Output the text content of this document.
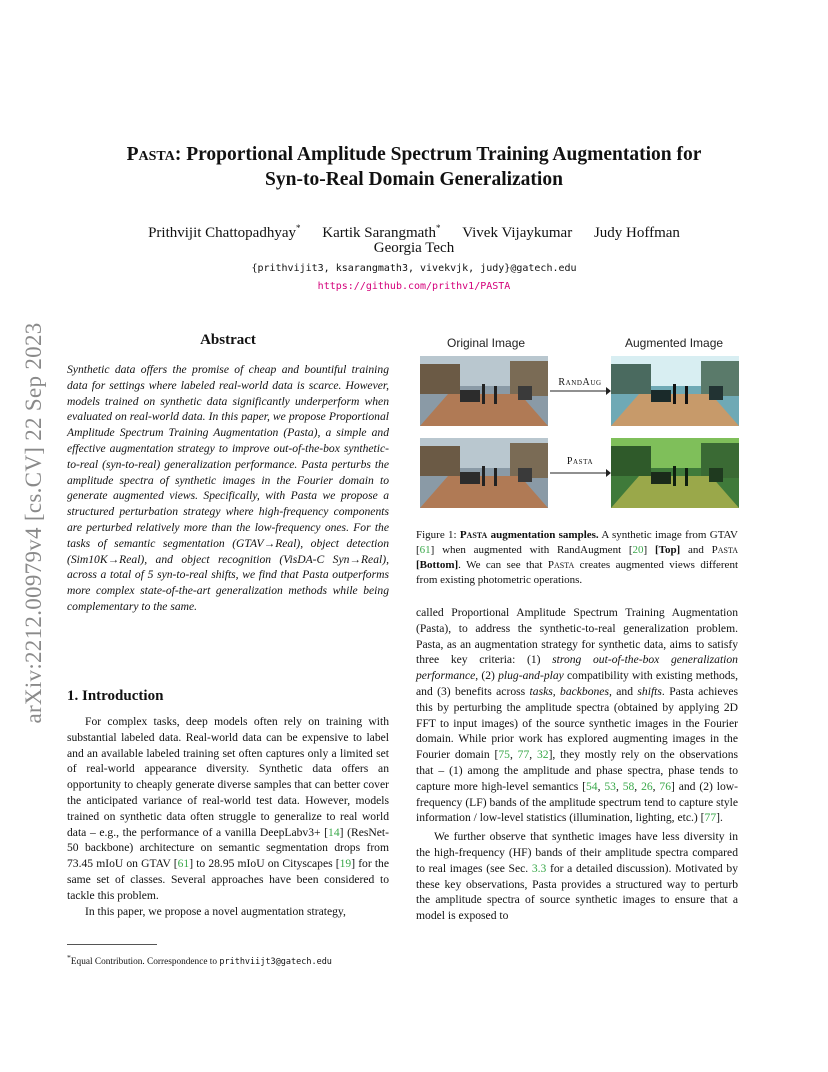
arXiv:2212.00979v4 [cs.CV] 22 Sep 2023
Pasta: Proportional Amplitude Spectrum Training Augmentation for
Syn-to-Real Domain Generalization
Prithvijit Chattopadhyay* Kartik Sarangmath* Vivek Vijaykumar Judy Hoffman
Georgia Tech
{prithvijit3, ksarangmath3, vivekvjk, judy}@gatech.edu
https://github.com/prithv1/PASTA
Abstract
Synthetic data offers the promise of cheap and bountiful training data for settings where labeled real-world data is scarce. However, models trained on synthetic data significantly underperform when evaluated on real-world data. In this paper, we propose Proportional Amplitude Spectrum Training Augmentation (Pasta), a simple and effective augmentation strategy to improve out-of-the-box synthetic-to-real (syn-to-real) generalization performance. Pasta perturbs the amplitude spectra of synthetic images in the Fourier domain to generate augmented views. Specifically, with Pasta we propose a structured perturbation strategy where high-frequency components are perturbed relatively more than the low-frequency ones. For the tasks of semantic segmentation (GTAV→Real), object detection (Sim10K→Real), and object recognition (VisDA-C Syn→Real), across a total of 5 syn-to-real shifts, we find that Pasta outperforms more complex state-of-the-art generalization methods while being complementary to the same.
1. Introduction

For complex tasks, deep models often rely on training with substantial labeled data. Real-world data can be expensive to label and an available labeled training set often captures only a limited set of real-world appearance diversity. Synthetic data offers an opportunity to cheaply generate diverse samples that can better cover the anticipated variance of real-world test data. However, models trained on synthetic data often struggle to generalize to real world data – e.g., the performance of a vanilla DeepLabv3+ [14] (ResNet-50 backbone) architecture on semantic segmentation drops from 73.45 mIoU on GTAV [61] to 28.95 mIoU on Cityscapes [19] for the same set of classes. Several approaches have been considered to tackle this problem.

In this paper, we propose a novel augmentation strategy,

*Equal Contribution. Correspondence to prithviijt3@gatech.edu
Original Image	Augmented Image
RandAug
Pasta
Figure 1: Pasta augmentation samples. A synthetic image from GTAV [61] when augmented with RandAugment [20] [Top] and Pasta [Bottom]. We can see that Pasta creates augmented views different from existing photometric operations.

called Proportional Amplitude Spectrum Training Augmentation (Pasta), to address the synthetic-to-real generalization problem. Pasta, as an augmentation strategy for synthetic data, aims to satisfy three key criteria: (1) strong out-of-the-box generalization performance, (2) plug-and-play compatibility with existing methods, and (3) benefits across tasks, backbones, and shifts. Pasta achieves this by perturbing the amplitude spectra (obtained by applying 2D FFT to input images) of the source synthetic images in the Fourier domain. While prior work has explored augmenting images in the Fourier domain [75, 77, 32], they mostly rely on the observations that – (1) among the amplitude and phase spectra, phase tends to capture more high-level semantics [54, 53, 58, 26, 76] and (2) low-frequency (LF) bands of the amplitude spectrum tend to capture style information / low-level statistics (illumination, lighting, etc.) [77].

We further observe that synthetic images have less diversity in the high-frequency (HF) bands of their amplitude spectra compared to real images (see Sec. 3.3 for a detailed discussion). Motivated by these key observations, Pasta provides a structured way to perturb the amplitude spectra of source synthetic images to ensure that a model is exposed to
